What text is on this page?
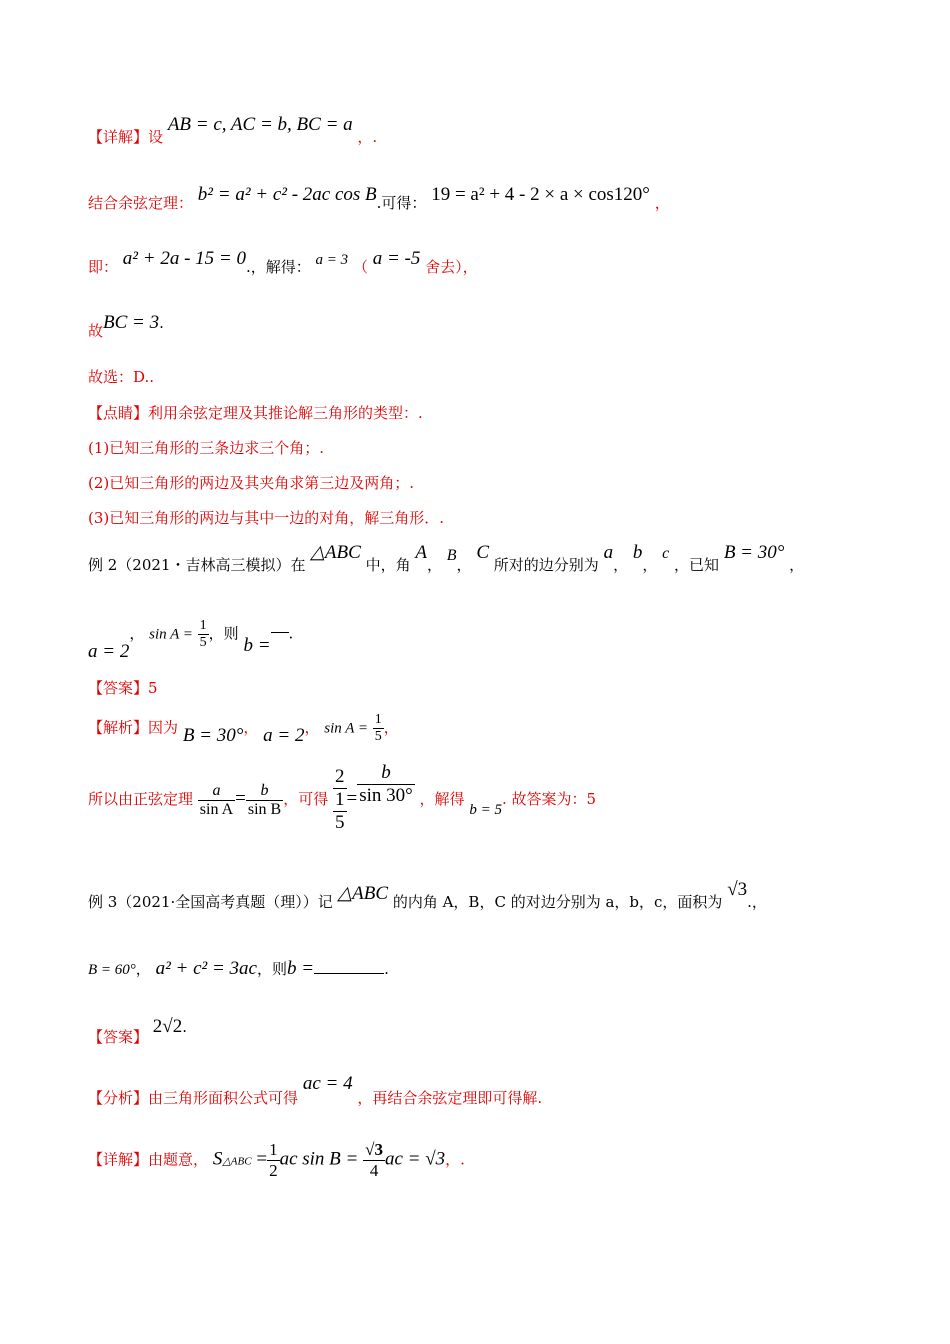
【详解】设 AB = c, AC = b, BC = a ，.
结合余弦定理： b² = a² + c² - 2ac cos B.可得： 19 = a² + 4 - 2 × a × cos120° ，
即： a² + 2a - 15 = 0.，解得： a = 3 （ a = -5 舍去），
故BC = 3.
故选：D..
【点睛】利用余弦定理及其推论解三角形的类型：.
(1)已知三角形的三条边求三个角；.
(2)已知三角形的两边及其夹角求第三边及两角；.
(3)已知三角形的两边与其中一边的对角，解三角形．.
例 2（2021・吉林高三模拟）在 △ABC 中，角 A， B， C 所对的边分别为 a， b， c ，已知 B = 30° ，
a = 2， $\sin A = \frac{1}{5}$ ，则 b =.
【答案】5
【解析】因为 B = 30°， a = 2， $\sin A = \frac{1}{5}$ ，
所以由正弦定理 $\frac{a}{\text{sin A}} = \frac{b}{\text{sin B}}$ ，可得
2
1
5
= $\frac{b}{\sin 30^\circ}$ ，解得 b = 5. 故答案为：5
例 3（2021·全国高考真题（理））记 △ABC 的内角 A，B，C 的对边分别为 a，b，c，面积为 √3.，
B = 60°， a² + c² = 3ac，则b =	.
【答案】 2√2.
【分析】由三角形面积公式可得 ac = 4 ，再结合余弦定理即可得解.
【详解】由题意， S△ABC = $\frac{1}{2}$ ac $\sin B = \frac{√3}{4}$ ac = √3，.
